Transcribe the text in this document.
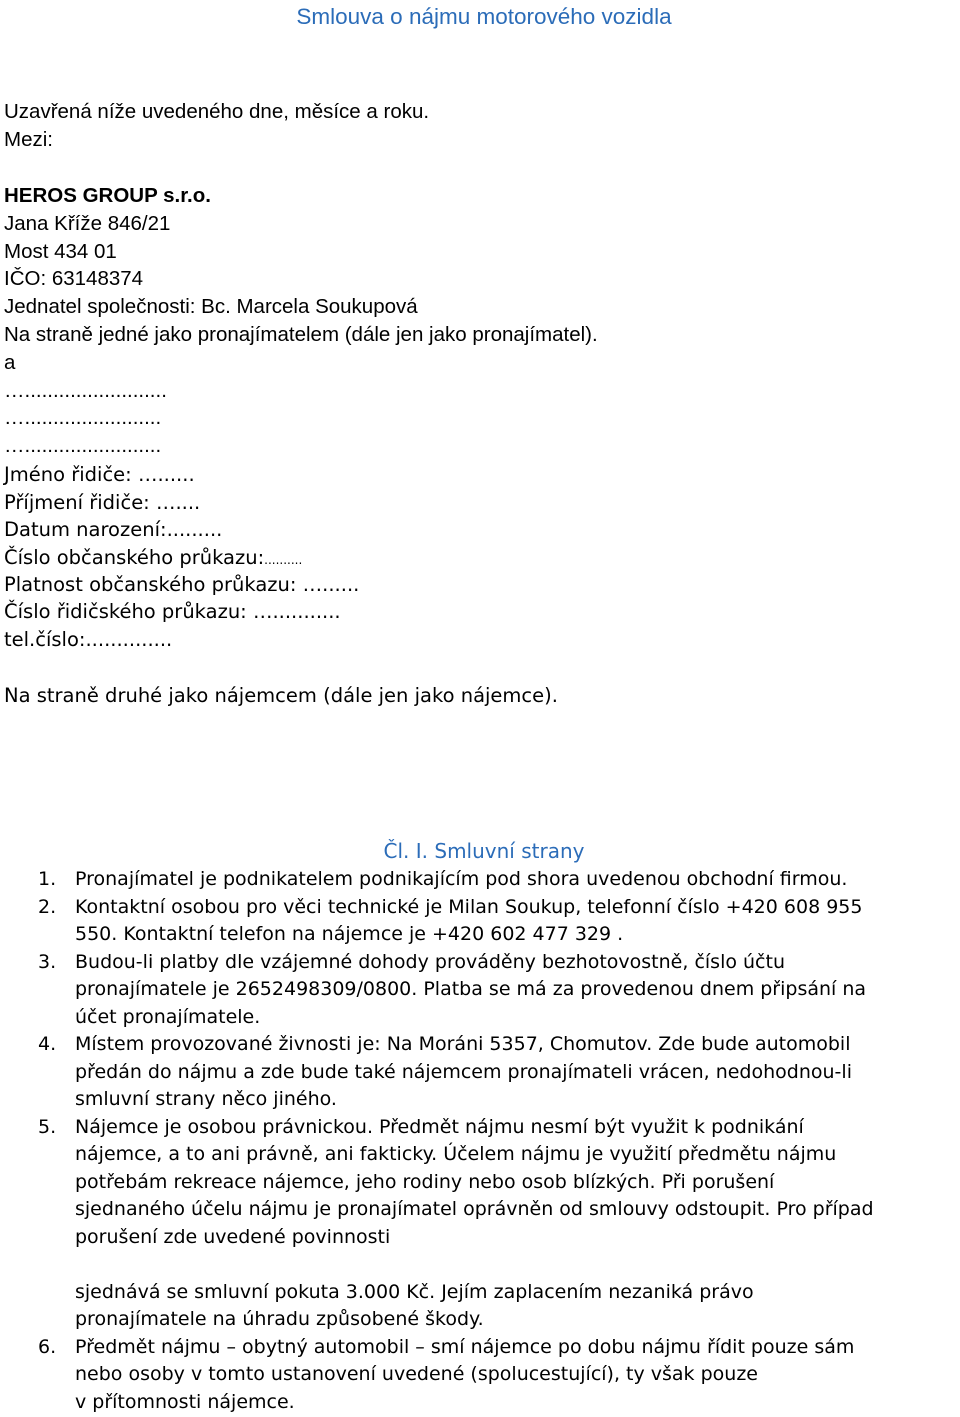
Smlouva o nájmu motorového vozidla
Uzavřená níže uvedeného dne, měsíce a roku.
Mezi:
HEROS GROUP s.r.o.
Jana Kříže 846/21
Most 434 01
IČO: 63148374
Jednatel společnosti: Bc. Marcela Soukupová
Na straně jedné jako pronajímatelem (dále jen jako pronajímatel).
a
….........................
…........................
…........................
Jméno řidiče: …......
Příjmení řidiče: …....
Datum narození:.........
Číslo občanského průkazu:..........
Platnost občanského průkazu: …......
Číslo řidičského průkazu: …...........
tel.číslo:..............
Na straně druhé jako nájemcem (dále jen jako nájemce).
Čl. I. Smluvní strany
1. Pronajímatel je podnikatelem podnikajícím pod shora uvedenou obchodní firmou.
2. Kontaktní osobou pro věci technické je Milan Soukup, telefonní číslo +420 608 955
550. Kontaktní telefon na nájemce je +420 602 477 329 .
3. Budou-li platby dle vzájemné dohody prováděny bezhotovostně, číslo účtu
pronajímatele je 2652498309/0800. Platba se má za provedenou dnem připsání na
účet pronajímatele.
4. Místem provozované živnosti je: Na Moráni 5357, Chomutov. Zde bude automobil
předán do nájmu a zde bude také nájemcem pronajímateli vrácen, nedohodnou-li
smluvní strany něco jiného.
5. Nájemce je osobou právnickou. Předmět nájmu nesmí být využit k podnikání
nájemce, a to ani právně, ani fakticky. Účelem nájmu je využití předmětu nájmu
potřebám rekreace nájemce, jeho rodiny nebo osob blízkých. Při porušení
sjednaného účelu nájmu je pronajímatel oprávněn od smlouvy odstoupit. Pro případ
porušení zde uvedené povinnosti
sjednává se smluvní pokuta 3.000 Kč. Jejím zaplacením nezaniká právo
pronajímatele na úhradu způsobené škody.
6. Předmět nájmu – obytný automobil – smí nájemce po dobu nájmu řídit pouze sám
nebo osoby v tomto ustanovení uvedené (spolucestující), ty však pouze
v přítomnosti nájemce.
